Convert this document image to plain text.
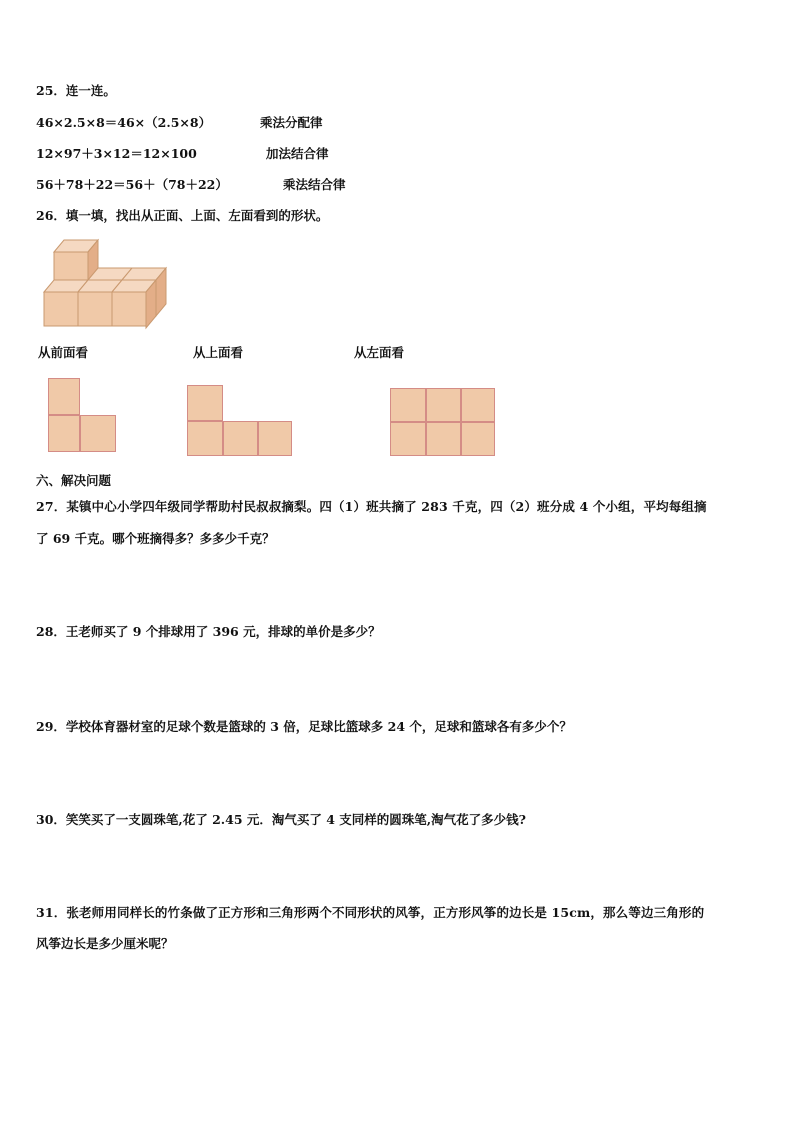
25．连一连。
46×2.5×8＝46×（2.5×8）	乘法分配律
12×97＋3×12＝12×100	加法结合律
56＋78＋22＝56＋（78＋22）	乘法结合律
26．填一填，找出从正面、上面、左面看到的形状。
从前面看	从上面看	从左面看
六、解决问题
27．某镇中心小学四年级同学帮助村民叔叔摘梨。四（1）班共摘了 283 千克，四（2）班分成 4 个小组，平均每组摘
了 69 千克。哪个班摘得多？多多少千克？
28．王老师买了 9 个排球用了 396 元，排球的单价是多少？
29．学校体育器材室的足球个数是篮球的 3 倍，足球比篮球多 24 个，足球和篮球各有多少个？
30．笑笑买了一支圆珠笔,花了 2.45 元．淘气买了 4 支同样的圆珠笔,淘气花了多少钱?
31．张老师用同样长的竹条做了正方形和三角形两个不同形状的风筝，正方形风筝的边长是 15cm，那么等边三角形的
风筝边长是多少厘米呢？
